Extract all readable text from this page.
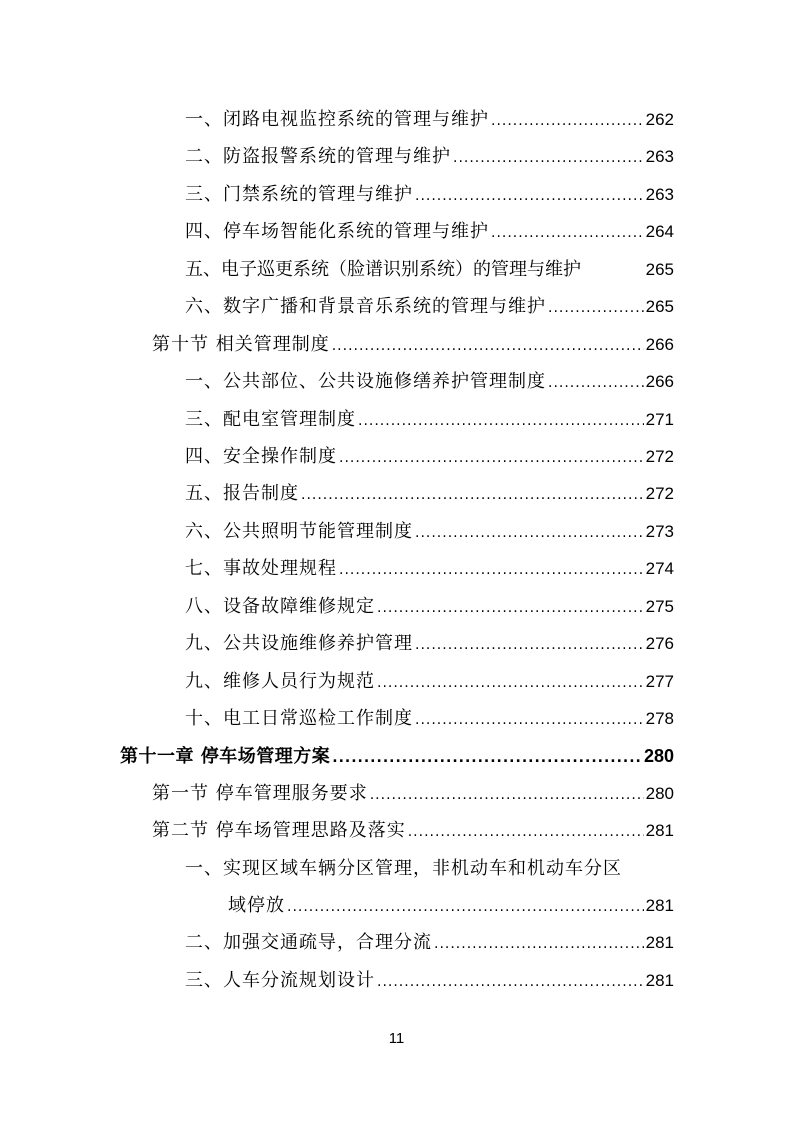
一、闭路电视监控系统的管理与维护 .....	262
二、防盗报警系统的管理与维护 .....	263
三、门禁系统的管理与维护 .....	263
四、停车场智能化系统的管理与维护 .....	264
五、电子巡更系统（脸谱识别系统）的管理与维护	265
六、数字广播和背景音乐系统的管理与维护 .....	265
第十节 相关管理制度 .....	266
一、公共部位、公共设施修缮养护管理制度 .....	266
三、配电室管理制度 .....	271
四、安全操作制度 .....	272
五、报告制度 .....	272
六、公共照明节能管理制度 .....	273
七、事故处理规程 .....	274
八、设备故障维修规定 .....	275
九、公共设施维修养护管理 .....	276
九、维修人员行为规范 .....	277
十、电工日常巡检工作制度 .....	278
第十一章 停车场管理方案 .....	280
第一节 停车管理服务要求 .....	280
第二节 停车场管理思路及落实 .....	281
一、实现区域车辆分区管理，非机动车和机动车分区
域停放 .....	281
二、加强交通疏导，合理分流 .....	281
三、人车分流规划设计 .....	281
11
